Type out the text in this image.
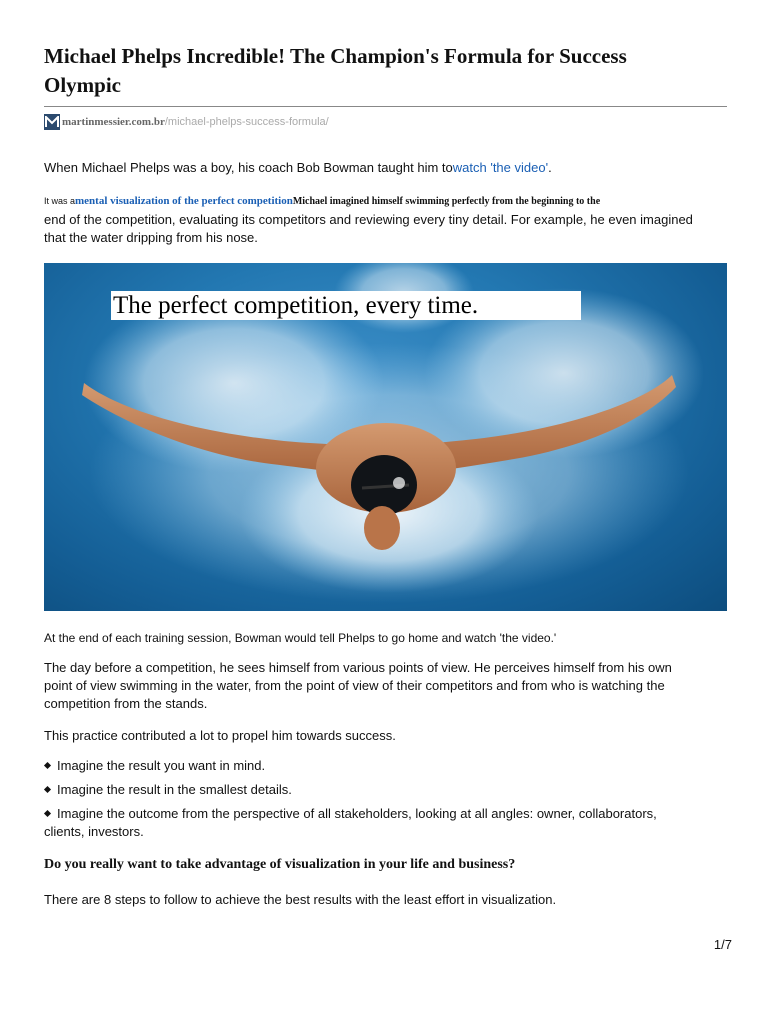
Michael Phelps Incredible! The Champion's Formula for Success Olympic
martinmessier.com.br /michael-phelps-success-formula/

When Michael Phelps was a boy, his coach Bob Bowman taught him towatch 'the video'.

It was amental visualization of the perfect competitionMichael imagined himself swimming perfectly from the beginning to the
end of the competition, evaluating its competitors and reviewing every tiny detail. For example, he even imagined that the water dripping from his nose.

The perfect competition, every time.

At the end of each training session, Bowman would tell Phelps to go home and watch 'the video.'

The day before a competition, he sees himself from various points of view. He perceives himself from his own point of view swimming in the water, from the point of view of their competitors and from who is watching the competition from the stands.

This practice contributed a lot to propel him towards success.

Imagine the result you want in mind.
Imagine the result in the smallest details.
Imagine the outcome from the perspective of all stakeholders, looking at all angles: owner, collaborators, clients, investors.

Do you really want to take advantage of visualization in your life and business?

There are 8 steps to follow to achieve the best results with the least effort in visualization.

1/7
